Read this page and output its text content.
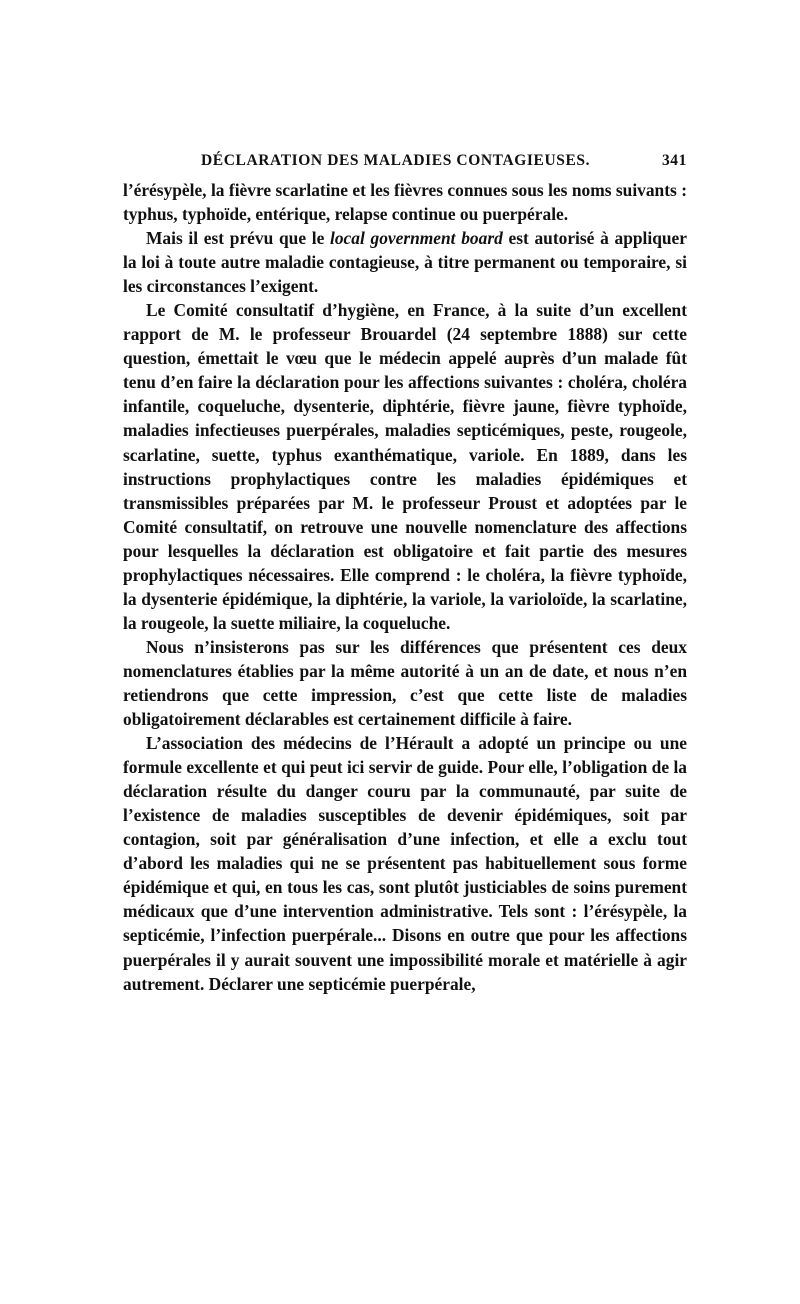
DÉCLARATION DES MALADIES CONTAGIEUSES.	341

l’érésypèle, la fièvre scarlatine et les fièvres connues sous les noms suivants : typhus, typhoïde, entérique, relapse continue ou puerpérale.

Mais il est prévu que le local government board est autorisé à appliquer la loi à toute autre maladie contagieuse, à titre permanent ou temporaire, si les circonstances l’exigent.

Le Comité consultatif d’hygiène, en France, à la suite d’un excellent rapport de M. le professeur Brouardel (24 septembre 1888) sur cette question, émettait le vœu que le médecin appelé auprès d’un malade fût tenu d’en faire la déclaration pour les affections suivantes : choléra, choléra infantile, coqueluche, dysenterie, diphtérie, fièvre jaune, fièvre typhoïde, maladies infectieuses puerpérales, maladies septicémiques, peste, rougeole, scarlatine, suette, typhus exanthématique, variole. En 1889, dans les instructions prophylactiques contre les maladies épidémiques et transmissibles préparées par M. le professeur Proust et adoptées par le Comité consultatif, on retrouve une nouvelle nomenclature des affections pour lesquelles la déclaration est obligatoire et fait partie des mesures prophylactiques nécessaires. Elle comprend : le choléra, la fièvre typhoïde, la dysenterie épidémique, la diphtérie, la variole, la varioloïde, la scarlatine, la rougeole, la suette miliaire, la coqueluche.

Nous n’insisterons pas sur les différences que présentent ces deux nomenclatures établies par la même autorité à un an de date, et nous n’en retiendrons que cette impression, c’est que cette liste de maladies obligatoirement déclarables est certainement difficile à faire.

L’association des médecins de l’Hérault a adopté un principe ou une formule excellente et qui peut ici servir de guide. Pour elle, l’obligation de la déclaration résulte du danger couru par la communauté, par suite de l’existence de maladies susceptibles de devenir épidémiques, soit par contagion, soit par généralisation d’une infection, et elle a exclu tout d’abord les maladies qui ne se présentent pas habituellement sous forme épidémique et qui, en tous les cas, sont plutôt justiciables de soins purement médicaux que d’une intervention administrative. Tels sont : l’érésypèle, la septicémie, l’infection puerpérale... Disons en outre que pour les affections puerpérales il y aurait souvent une impossibilité morale et matérielle à agir autrement. Déclarer une septicémie puerpérale,
